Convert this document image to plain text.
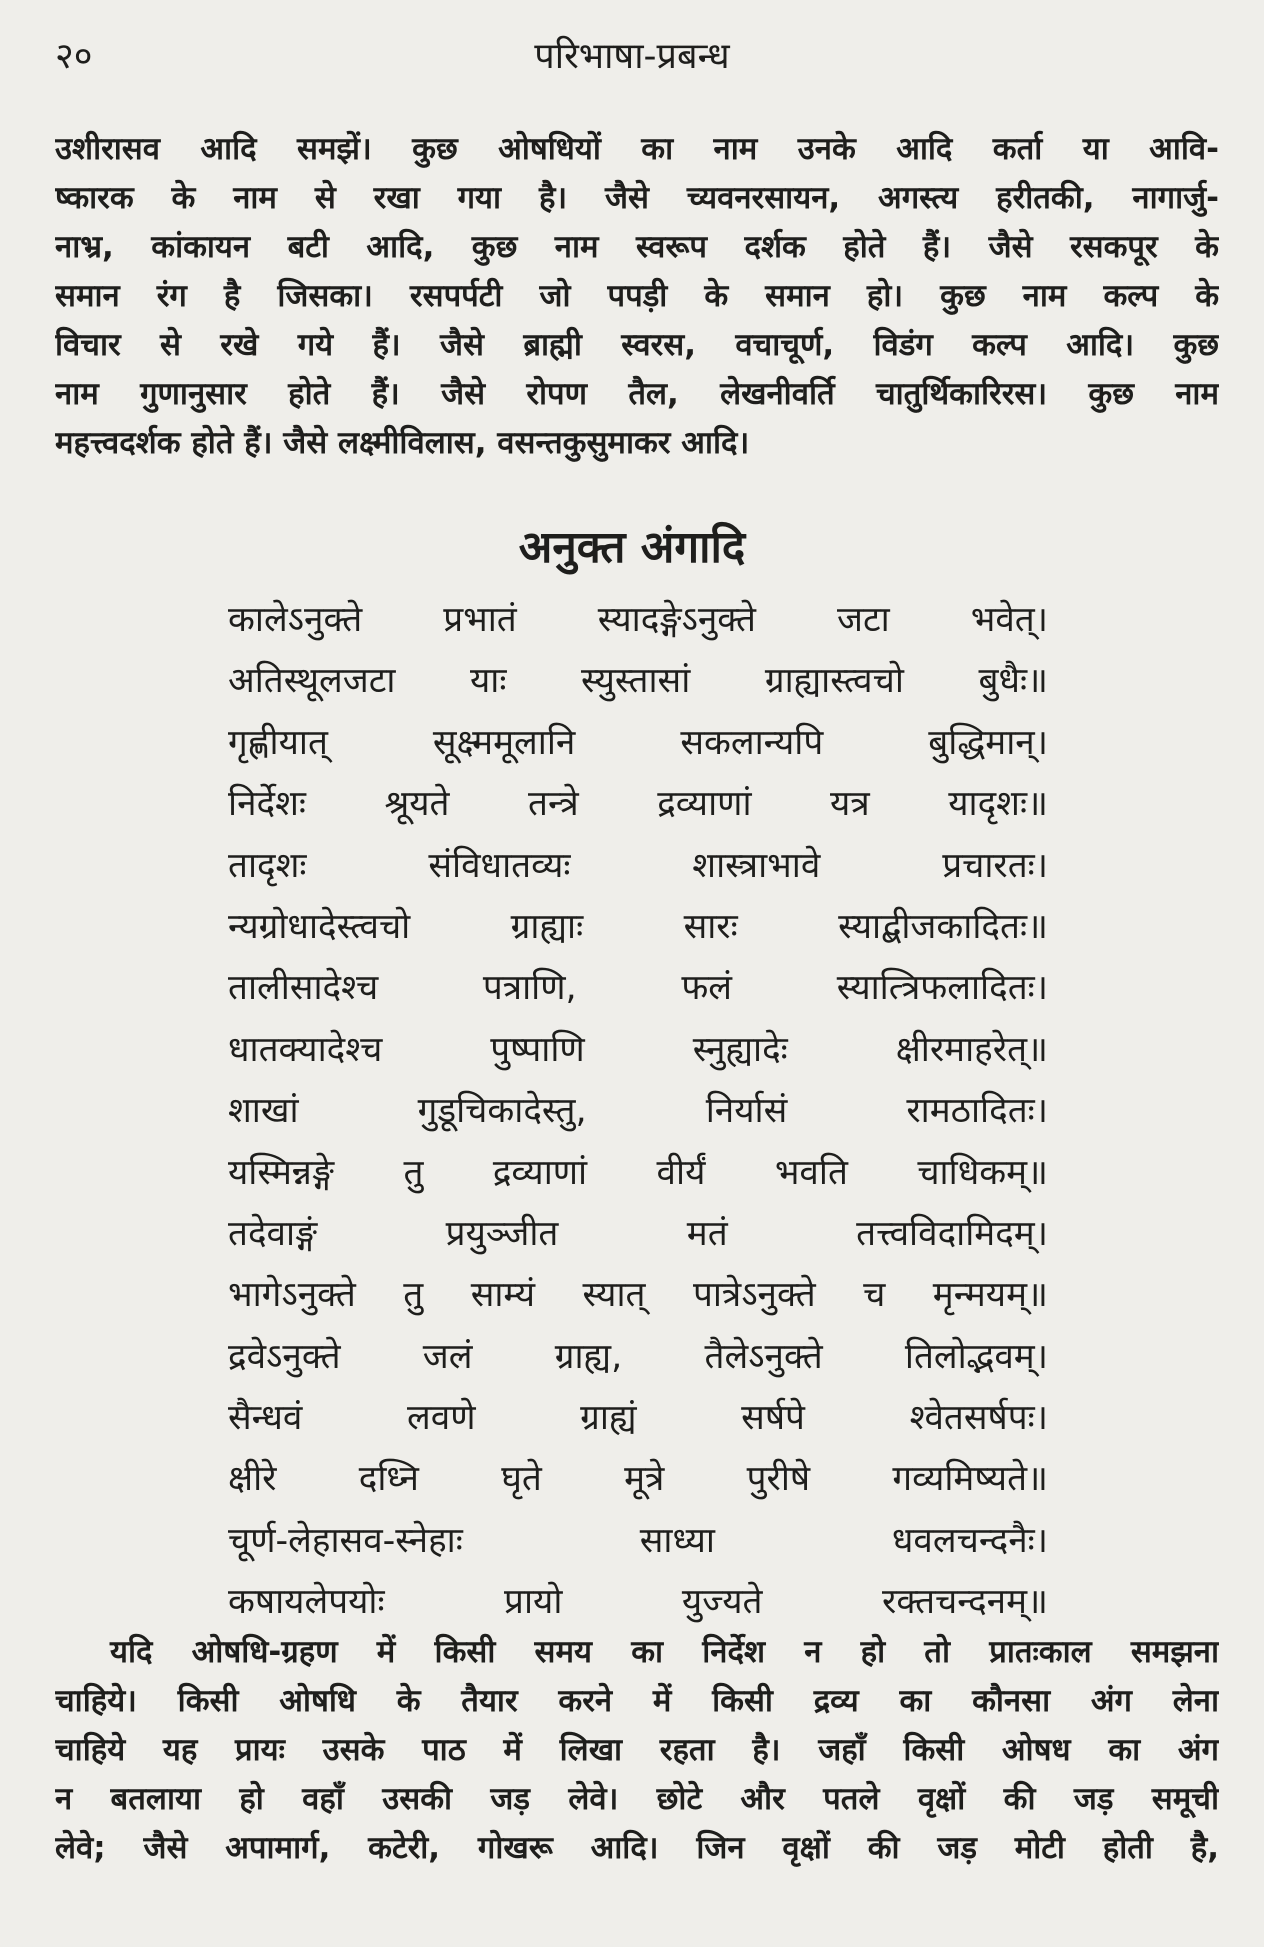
२०	परिभाषा-प्रबन्ध
उशीरासव आदि समझें। कुछ ओषधियों का नाम उनके आदि कर्ता या आवि-
ष्कारक के नाम से रखा गया है। जैसे च्यवनरसायन, अगस्त्य हरीतकी, नागार्जु-
नाभ्र, कांकायन बटी आदि, कुछ नाम स्वरूप दर्शक होते हैं। जैसे रसकपूर के
समान रंग है जिसका। रसपर्पटी जो पपड़ी के समान हो। कुछ नाम कल्प के
विचार से रखे गये हैं। जैसे ब्राह्मी स्वरस, वचाचूर्ण, विडंग कल्प आदि। कुछ
नाम गुणानुसार होते हैं। जैसे रोपण तैल, लेखनीवर्ति चातुर्थिकारिरस। कुछ नाम
महत्त्वदर्शक होते हैं। जैसे लक्ष्मीविलास, वसन्तकुसुमाकर आदि।
अनुक्त अंगादि
कालेऽनुक्ते प्रभातं स्यादङ्गेऽनुक्ते जटा भवेत्।
अतिस्थूलजटा याः स्युस्तासां ग्राह्यास्त्वचो बुधैः॥
गृह्णीयात् सूक्ष्ममूलानि सकलान्यपि बुद्धिमान्।
निर्देशः श्रूयते तन्त्रे द्रव्याणां यत्र यादृशः॥
तादृशः संविधातव्यः शास्त्राभावे प्रचारतः।
न्यग्रोधादेस्त्वचो ग्राह्याः सारः स्याद्बीजकादितः॥
तालीसादेश्च पत्राणि, फलं स्यात्त्रिफलादितः।
धातक्यादेश्च पुष्पाणि स्नुह्यादेः क्षीरमाहरेत्॥
शाखां गुडूचिकादेस्तु, निर्यासं रामठादितः।
यस्मिन्नङ्गे तु द्रव्याणां वीर्यं भवति चाधिकम्॥
तदेवाङ्गं प्रयुञ्जीत मतं तत्त्वविदामिदम्।
भागेऽनुक्ते तु साम्यं स्यात् पात्रेऽनुक्ते च मृन्मयम्॥
द्रवेऽनुक्ते जलं ग्राह्य, तैलेऽनुक्ते तिलोद्भवम्।
सैन्धवं लवणे ग्राह्यं सर्षपे श्वेतसर्षपः।
क्षीरे दध्नि घृते मूत्रे पुरीषे गव्यमिष्यते॥
चूर्ण-लेहासव-स्नेहाः साध्या धवलचन्दनैः।
कषायलेपयोः प्रायो युज्यते रक्तचन्दनम्॥
यदि ओषधि-ग्रहण में किसी समय का निर्देश न हो तो प्रातःकाल समझना
चाहिये। किसी ओषधि के तैयार करने में किसी द्रव्य का कौनसा अंग लेना
चाहिये यह प्रायः उसके पाठ में लिखा रहता है। जहाँ किसी ओषध का अंग
न बतलाया हो वहाँ उसकी जड़ लेवे। छोटे और पतले वृक्षों की जड़ समूची
लेवे; जैसे अपामार्ग, कटेरी, गोखरू आदि। जिन वृक्षों की जड़ मोटी होती है,
